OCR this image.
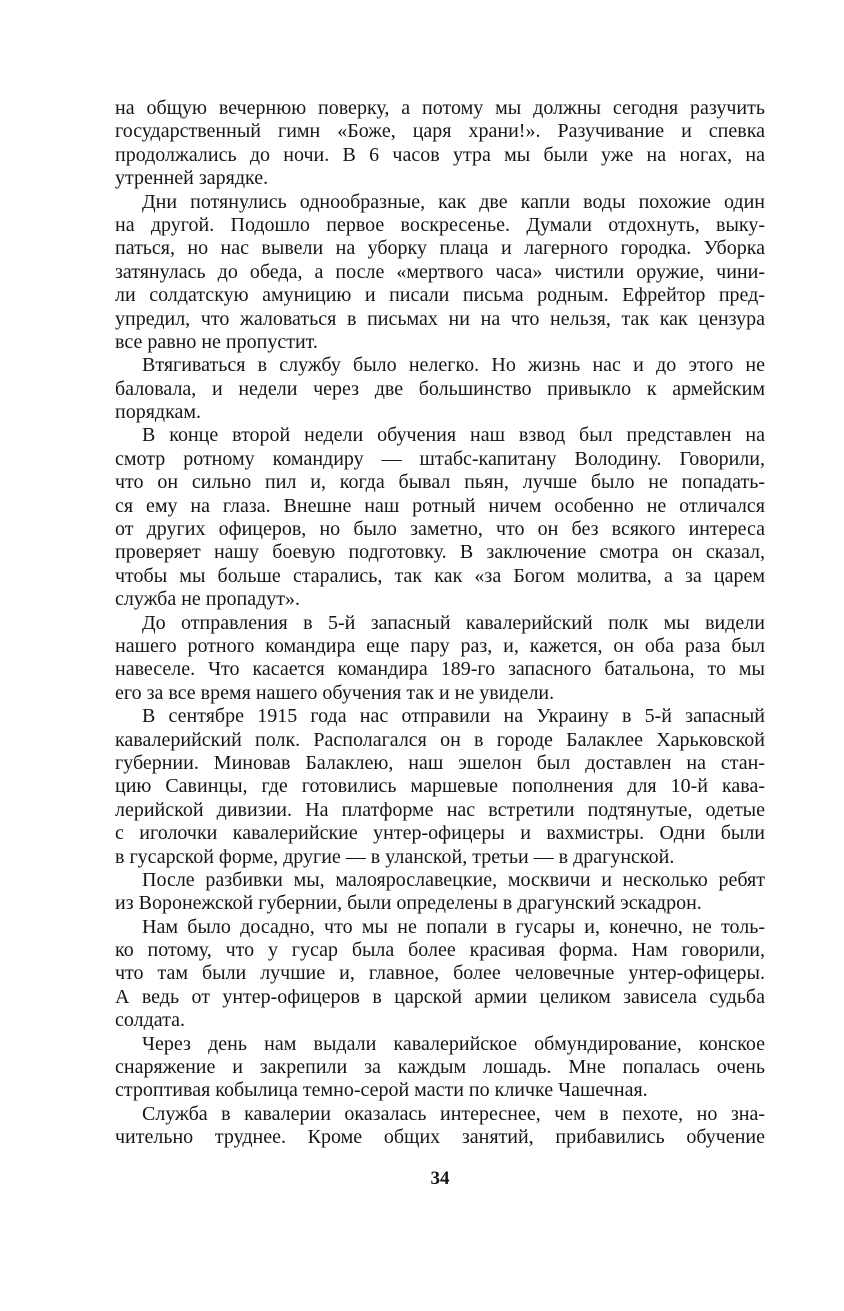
на общую вечернюю поверку, а потому мы должны сегодня разучить
государственный гимн «Боже, царя храни!». Разучивание и спевка
продолжались до ночи. В 6 часов утра мы были уже на ногах, на
утренней зарядке.
Дни потянулись однообразные, как две капли воды похожие один
на другой. Подошло первое воскресенье. Думали отдохнуть, выку-
паться, но нас вывели на уборку плаца и лагерного городка. Уборка
затянулась до обеда, а после «мертвого часа» чистили оружие, чини-
ли солдатскую амуницию и писали письма родным. Ефрейтор пред-
упредил, что жаловаться в письмах ни на что нельзя, так как цензура
все равно не пропустит.
Втягиваться в службу было нелегко. Но жизнь нас и до этого не
баловала, и недели через две большинство привыкло к армейским
порядкам.
В конце второй недели обучения наш взвод был представлен на
смотр ротному командиру — штабс-капитану Володину. Говорили,
что он сильно пил и, когда бывал пьян, лучше было не попадать-
ся ему на глаза. Внешне наш ротный ничем особенно не отличался
от других офицеров, но было заметно, что он без всякого интереса
проверяет нашу боевую подготовку. В заключение смотра он сказал,
чтобы мы больше старались, так как «за Богом молитва, а за царем
служба не пропадут».
До отправления в 5-й запасный кавалерийский полк мы видели
нашего ротного командира еще пару раз, и, кажется, он оба раза был
навеселе. Что касается командира 189-го запасного батальона, то мы
его за все время нашего обучения так и не увидели.
В сентябре 1915 года нас отправили на Украину в 5-й запасный
кавалерийский полк. Располагался он в городе Балаклее Харьковской
губернии. Миновав Балаклею, наш эшелон был доставлен на стан-
цию Савинцы, где готовились маршевые пополнения для 10-й кава-
лерийской дивизии. На платформе нас встретили подтянутые, одетые
с иголочки кавалерийские унтер-офицеры и вахмистры. Одни были
в гусарской форме, другие — в уланской, третьи — в драгунской.
После разбивки мы, малоярославецкие, москвичи и несколько ребят
из Воронежской губернии, были определены в драгунский эскадрон.
Нам было досадно, что мы не попали в гусары и, конечно, не толь-
ко потому, что у гусар была более красивая форма. Нам говорили,
что там были лучшие и, главное, более человечные унтер-офицеры.
А ведь от унтер-офицеров в царской армии целиком зависела судьба
солдата.
Через день нам выдали кавалерийское обмундирование, конское
снаряжение и закрепили за каждым лошадь. Мне попалась очень
строптивая кобылица темно-серой масти по кличке Чашечная.
Служба в кавалерии оказалась интереснее, чем в пехоте, но зна-
чительно труднее. Кроме общих занятий, прибавились обучение
34
